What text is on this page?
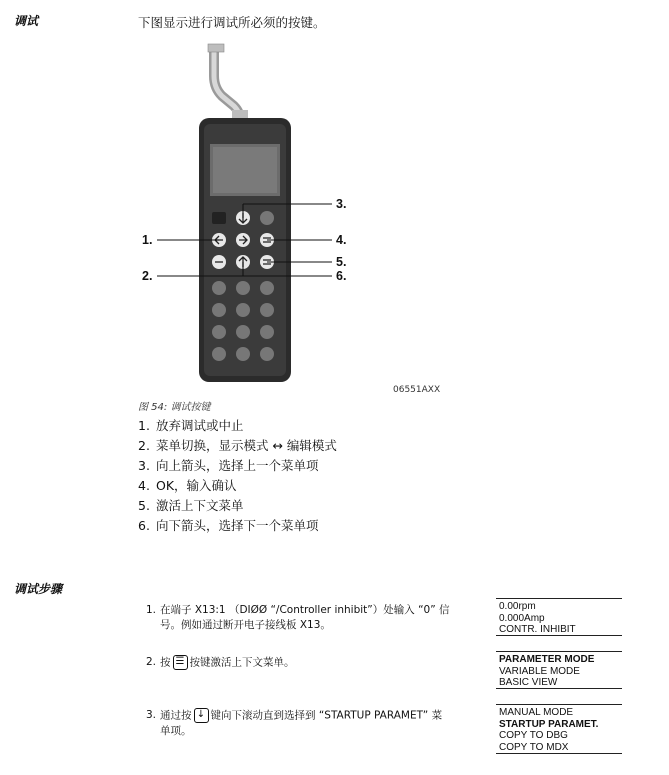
调试	下图显示进行调试所必须的按键。
1.
2.
3.
4.
5.
6.
06551AXX
图 54: 调试按键
1. 放弃调试或中止
2. 菜单切换，显示模式 ↔ 编辑模式
3. 向上箭头，选择上一个菜单项
4. OK，输入确认
5. 激活上下文菜单
6. 向下箭头，选择下一个菜单项
调试步骤
1. 在端子 X13:1 （DIØØ “/Controller inhibit”）处输入 “0” 信
号。例如通过断开电子接线板 X13。
0.00rpm
0.000Amp
CONTR. INHIBIT
2. 按 ☰ 按键激活上下文菜单。	PARAMETER MODE
VARIABLE MODE
BASIC VIEW
3. 通过按 ↓ 键向下滚动直到选择到 “STARTUP PARAMET” 菜
单项。
MANUAL MODE
STARTUP PARAMET.
COPY TO DBG
COPY TO MDX
